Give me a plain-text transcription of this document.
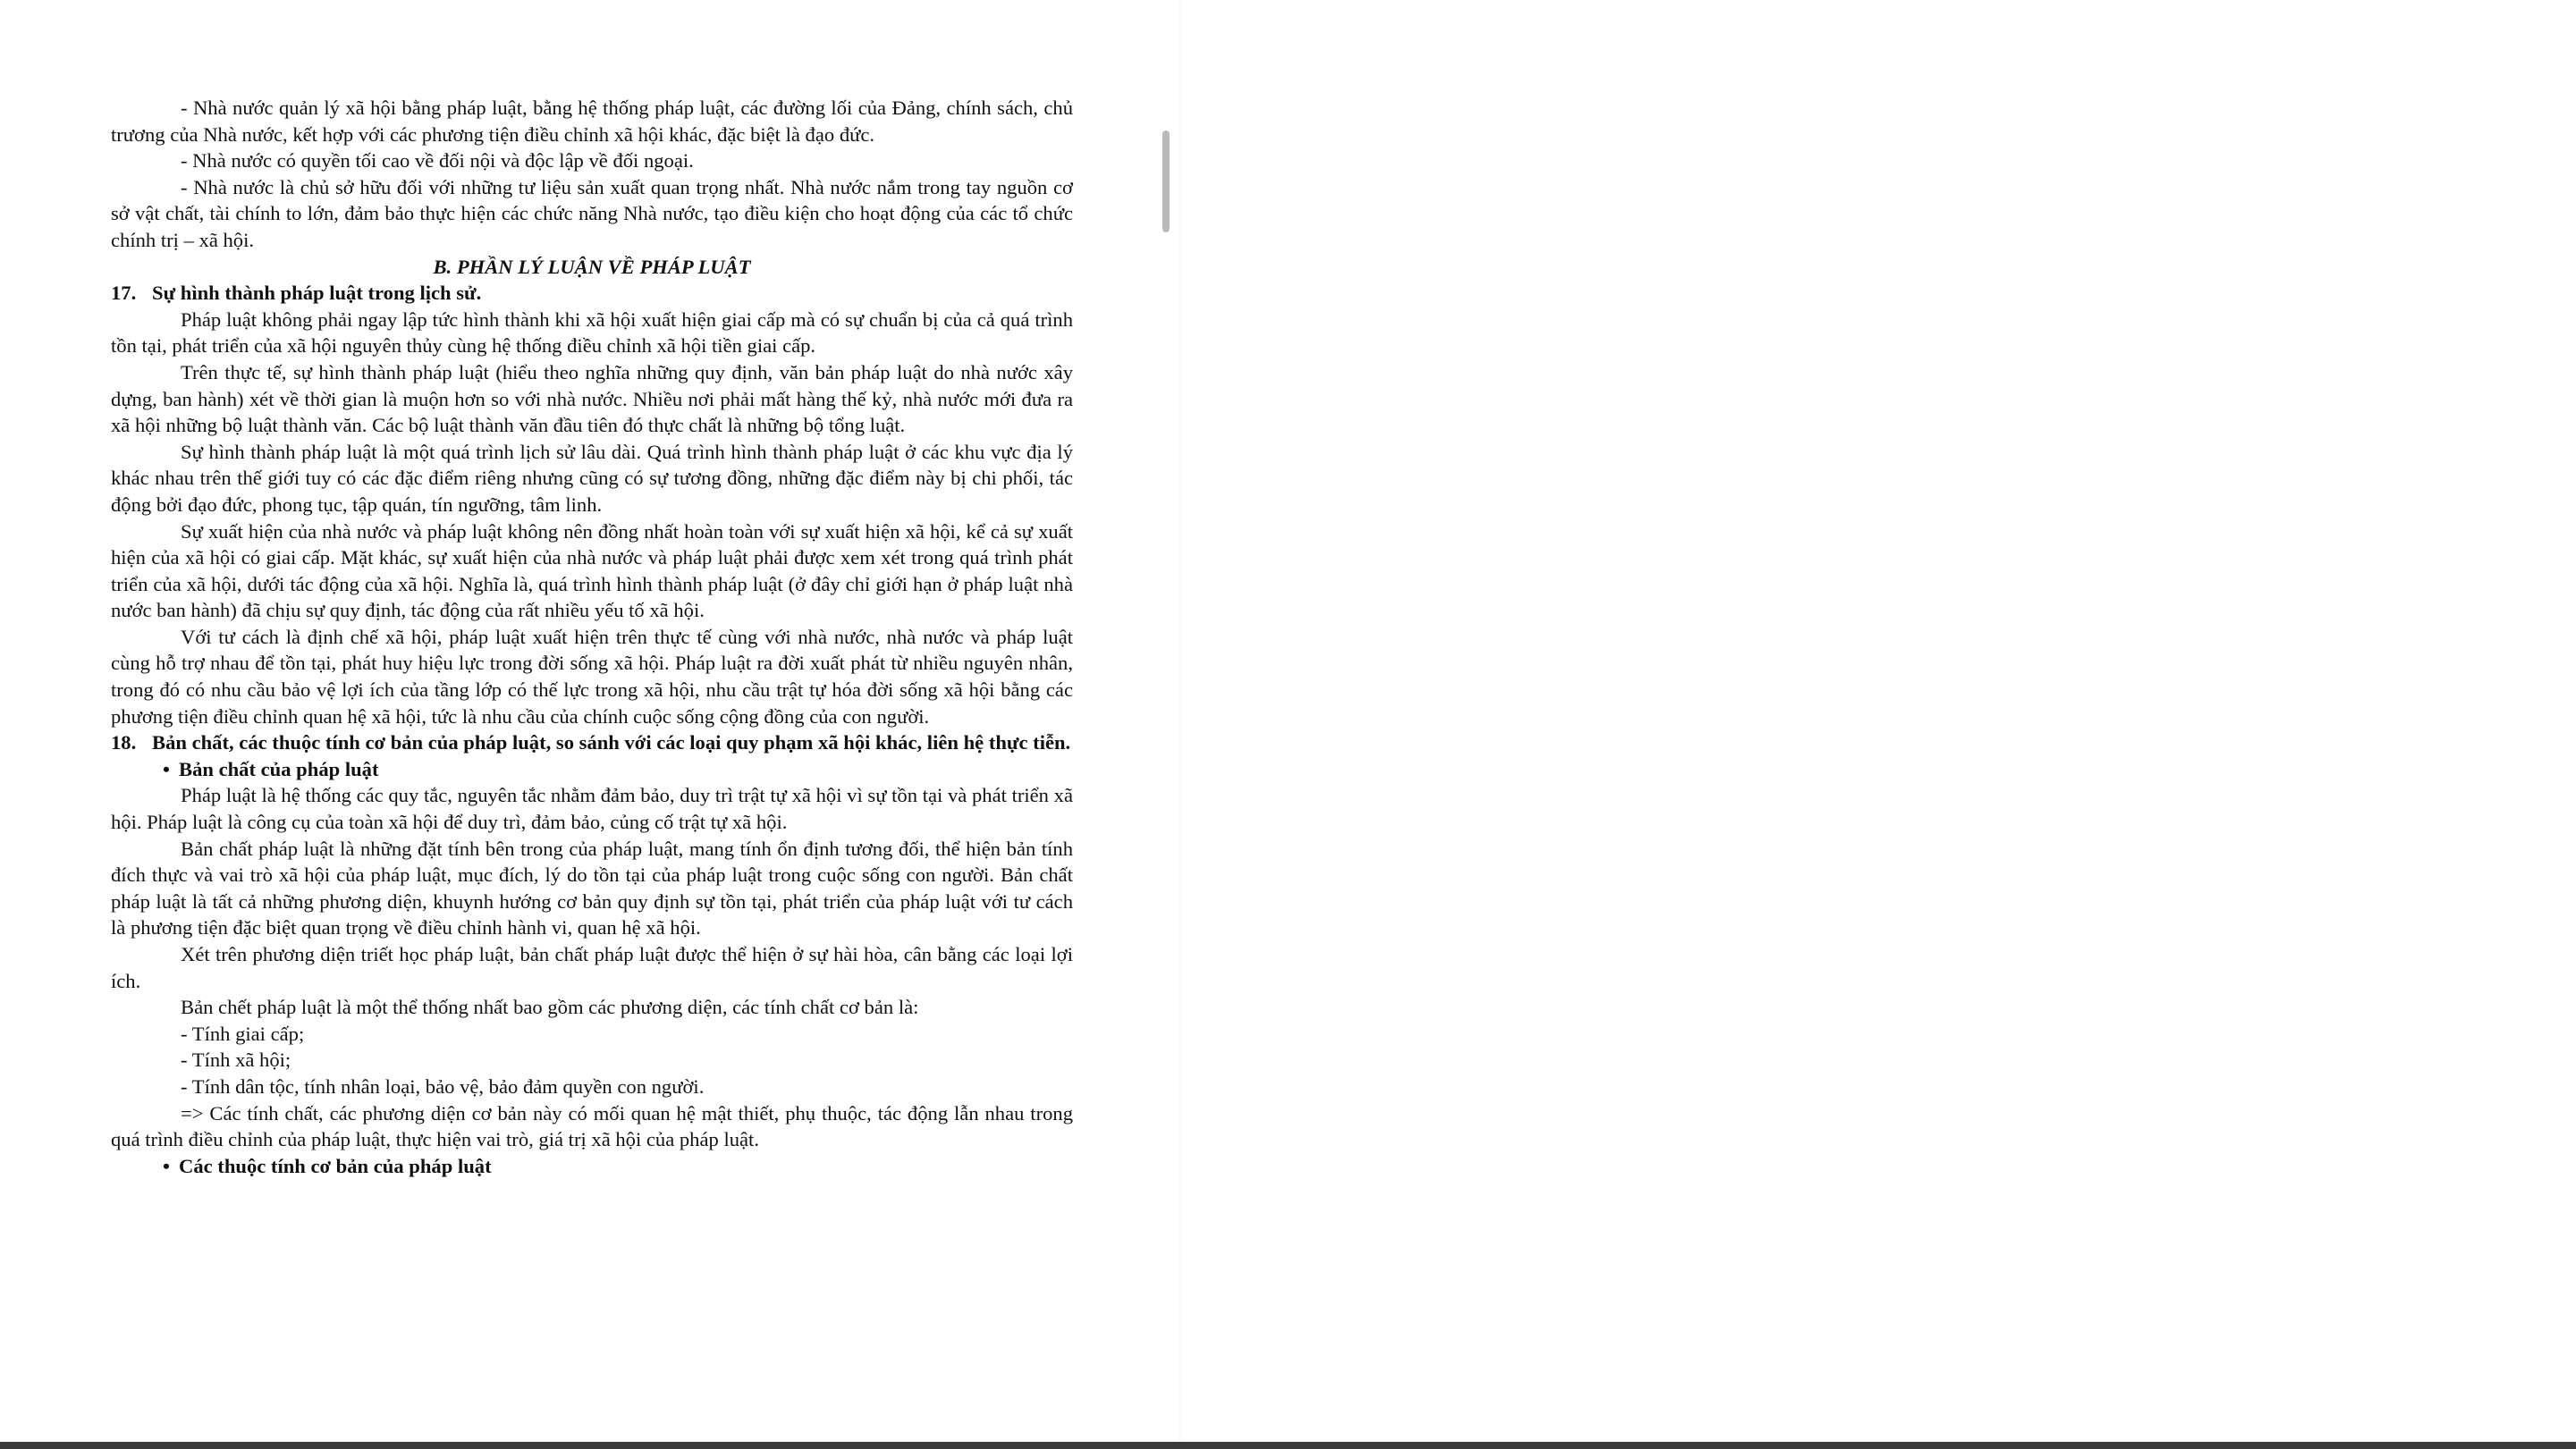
- Nhà nước quản lý xã hội bằng pháp luật, bằng hệ thống pháp luật, các đường lối của Đảng, chính sách, chủ trương của Nhà nước, kết hợp với các phương tiện điều chỉnh xã hội khác, đặc biệt là đạo đức.

- Nhà nước có quyền tối cao về đối nội và độc lập về đối ngoại.

- Nhà nước là chủ sở hữu đối với những tư liệu sản xuất quan trọng nhất. Nhà nước nắm trong tay nguồn cơ sở vật chất, tài chính to lớn, đảm bảo thực hiện các chức năng Nhà nước, tạo điều kiện cho hoạt động của các tổ chức chính trị – xã hội.

B. PHẦN LÝ LUẬN VỀ PHÁP LUẬT

17. Sự hình thành pháp luật trong lịch sử.

Pháp luật không phải ngay lập tức hình thành khi xã hội xuất hiện giai cấp mà có sự chuẩn bị của cả quá trình tồn tại, phát triển của xã hội nguyên thủy cùng hệ thống điều chỉnh xã hội tiền giai cấp.

Trên thực tế, sự hình thành pháp luật (hiểu theo nghĩa những quy định, văn bản pháp luật do nhà nước xây dựng, ban hành) xét về thời gian là muộn hơn so với nhà nước. Nhiều nơi phải mất hàng thế kỷ, nhà nước mới đưa ra xã hội những bộ luật thành văn. Các bộ luật thành văn đầu tiên đó thực chất là những bộ tổng luật.

Sự hình thành pháp luật là một quá trình lịch sử lâu dài. Quá trình hình thành pháp luật ở các khu vực địa lý khác nhau trên thế giới tuy có các đặc điểm riêng nhưng cũng có sự tương đồng, những đặc điểm này bị chi phối, tác động bởi đạo đức, phong tục, tập quán, tín ngưỡng, tâm linh.

Sự xuất hiện của nhà nước và pháp luật không nên đồng nhất hoàn toàn với sự xuất hiện xã hội, kể cả sự xuất hiện của xã hội có giai cấp. Mặt khác, sự xuất hiện của nhà nước và pháp luật phải được xem xét trong quá trình phát triển của xã hội, dưới tác động của xã hội. Nghĩa là, quá trình hình thành pháp luật (ở đây chỉ giới hạn ở pháp luật nhà nước ban hành) đã chịu sự quy định, tác động của rất nhiều yếu tố xã hội.

Với tư cách là định chế xã hội, pháp luật xuất hiện trên thực tế cùng với nhà nước, nhà nước và pháp luật cùng hỗ trợ nhau để tồn tại, phát huy hiệu lực trong đời sống xã hội. Pháp luật ra đời xuất phát từ nhiều nguyên nhân, trong đó có nhu cầu bảo vệ lợi ích của tầng lớp có thế lực trong xã hội, nhu cầu trật tự hóa đời sống xã hội bằng các phương tiện điều chỉnh quan hệ xã hội, tức là nhu cầu của chính cuộc sống cộng đồng của con người.

18. Bản chất, các thuộc tính cơ bản của pháp luật, so sánh với các loại quy phạm xã hội khác, liên hệ thực tiễn.

• Bản chất của pháp luật

Pháp luật là hệ thống các quy tắc, nguyên tắc nhằm đảm bảo, duy trì trật tự xã hội vì sự tồn tại và phát triển xã hội. Pháp luật là công cụ của toàn xã hội để duy trì, đảm bảo, củng cố trật tự xã hội.

Bản chất pháp luật là những đặt tính bên trong của pháp luật, mang tính ổn định tương đối, thể hiện bản tính đích thực và vai trò xã hội của pháp luật, mục đích, lý do tồn tại của pháp luật trong cuộc sống con người. Bản chất pháp luật là tất cả những phương diện, khuynh hướng cơ bản quy định sự tồn tại, phát triển của pháp luật với tư cách là phương tiện đặc biệt quan trọng về điều chỉnh hành vi, quan hệ xã hội.

Xét trên phương diện triết học pháp luật, bản chất pháp luật được thể hiện ở sự hài hòa, cân bằng các loại lợi ích.

Bản chết pháp luật là một thể thống nhất bao gồm các phương diện, các tính chất cơ bản là:

- Tính giai cấp;

- Tính xã hội;

- Tính dân tộc, tính nhân loại, bảo vệ, bảo đảm quyền con người.

=> Các tính chất, các phương diện cơ bản này có mối quan hệ mật thiết, phụ thuộc, tác động lẫn nhau trong quá trình điều chỉnh của pháp luật, thực hiện vai trò, giá trị xã hội của pháp luật.

• Các thuộc tính cơ bản của pháp luật
